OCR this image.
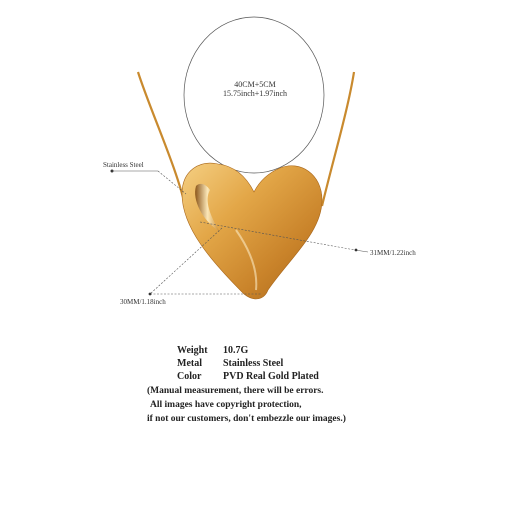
40CM+5CM
15.75inch+1.97inch
Stainless Steel
31MM/1.22inch
30MM/1.18inch
Weight 10.7G
Metal Stainless Steel
Color PVD Real Gold Plated
(Manual measurement, there will be errors.
All images have copyright protection,
if not our customers, don't embezzle our images.)
